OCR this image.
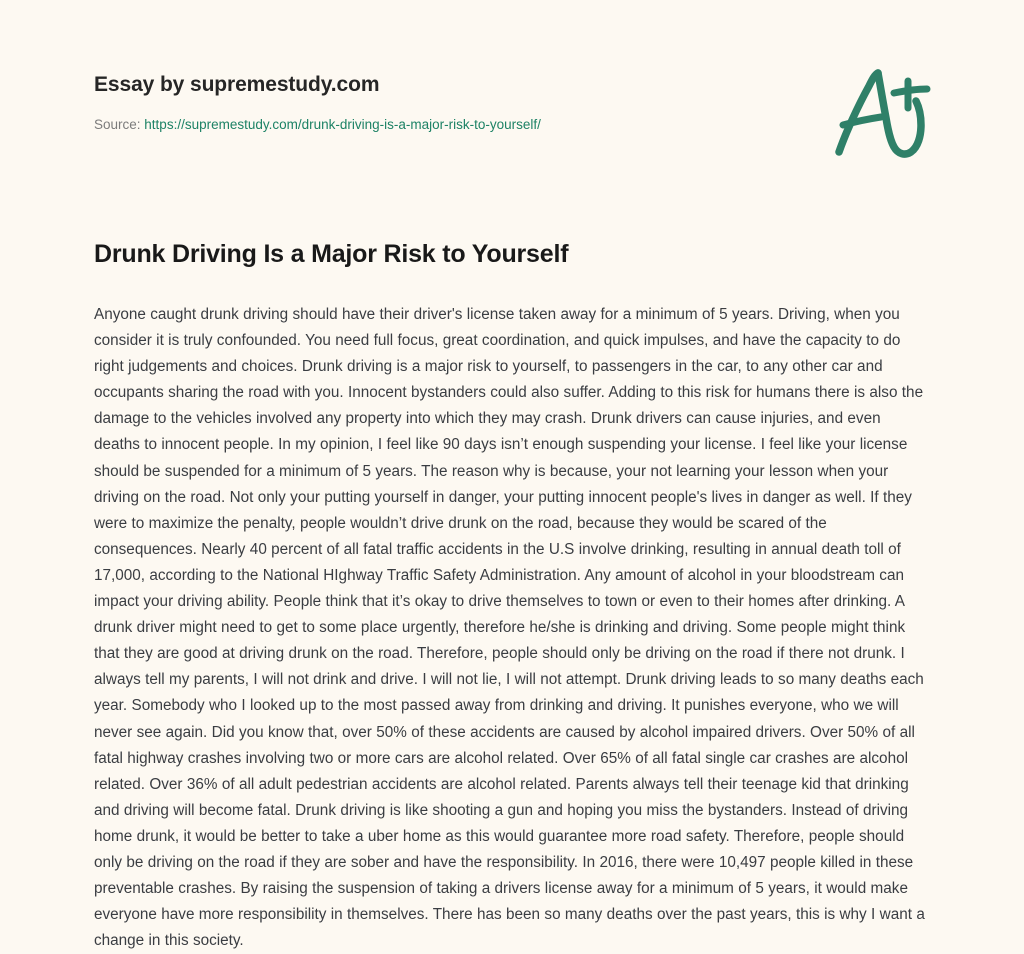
Essay by supremestudy.com
Source: https://supremestudy.com/drunk-driving-is-a-major-risk-to-yourself/
Drunk Driving Is a Major Risk to Yourself

Anyone caught drunk driving should have their driver's license taken away for a minimum of 5 years. Driving, when you consider it is truly confounded. You need full focus, great coordination, and quick impulses, and have the capacity to do right judgements and choices. Drunk driving is a major risk to yourself, to passengers in the car, to any other car and occupants sharing the road with you. Innocent bystanders could also suffer. Adding to this risk for humans there is also the damage to the vehicles involved any property into which they may crash. Drunk drivers can cause injuries, and even deaths to innocent people. In my opinion, I feel like 90 days isn’t enough suspending your license. I feel like your license should be suspended for a minimum of 5 years. The reason why is because, your not learning your lesson when your driving on the road. Not only your putting yourself in danger, your putting innocent people's lives in danger as well. If they were to maximize the penalty, people wouldn’t drive drunk on the road, because they would be scared of the consequences. Nearly 40 percent of all fatal traffic accidents in the U.S involve drinking, resulting in annual death toll of 17,000, according to the National HIghway Traffic Safety Administration. Any amount of alcohol in your bloodstream can impact your driving ability. People think that it’s okay to drive themselves to town or even to their homes after drinking. A drunk driver might need to get to some place urgently, therefore he/she is drinking and driving. Some people might think that they are good at driving drunk on the road. Therefore, people should only be driving on the road if there not drunk. I always tell my parents, I will not drink and drive. I will not lie, I will not attempt. Drunk driving leads to so many deaths each year. Somebody who I looked up to the most passed away from drinking and driving. It punishes everyone, who we will never see again. Did you know that, over 50% of these accidents are caused by alcohol impaired drivers. Over 50% of all fatal highway crashes involving two or more cars are alcohol related. Over 65% of all fatal single car crashes are alcohol related. Over 36% of all adult pedestrian accidents are alcohol related. Parents always tell their teenage kid that drinking and driving will become fatal. Drunk driving is like shooting a gun and hoping you miss the bystanders. Instead of driving home drunk, it would be better to take a uber home as this would guarantee more road safety. Therefore, people should only be driving on the road if they are sober and have the responsibility. In 2016, there were 10,497 people killed in these preventable crashes. By raising the suspension of taking a drivers license away for a minimum of 5 years, it would make everyone have more responsibility in themselves. There has been so many deaths over the past years, this is why I want a change in this society.
